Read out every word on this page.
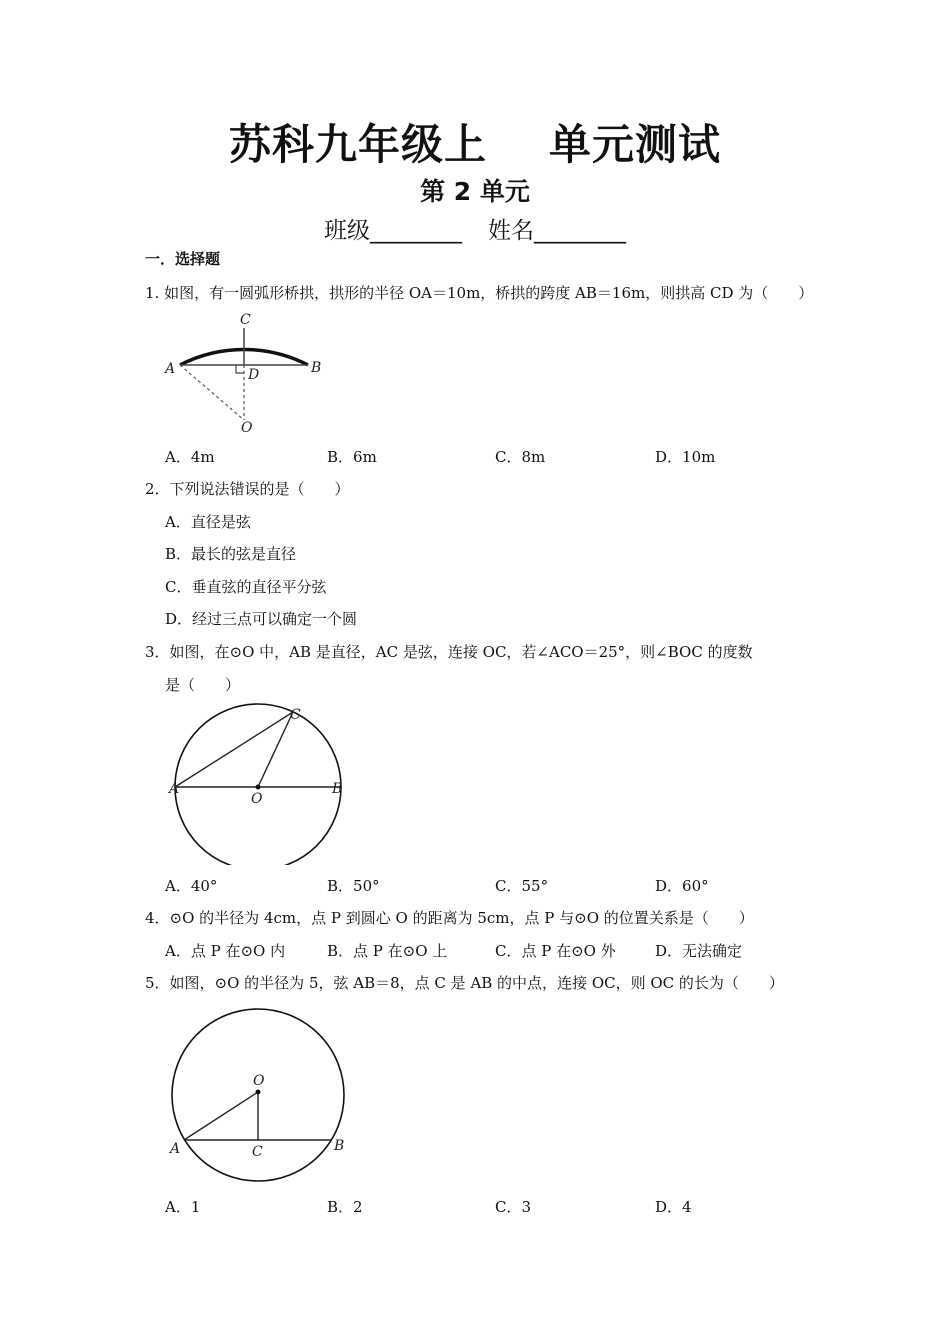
苏科九年级上 单元测试
第 2 单元
班级________ 姓名________
一．选择题
1. 如图，有一圆弧形桥拱，拱形的半径 OA＝10m，桥拱的跨度 AB＝16m，则拱高 CD 为（　　）
C
A	D	B
O
A．4m	B．6m	C．8m	D．10m
2．下列说法错误的是（　　）
A．直径是弦
B．最长的弦是直径
C．垂直弦的直径平分弦
D．经过三点可以确定一个圆
3．如图，在⊙O 中，AB 是直径，AC 是弦，连接 OC，若∠ACO＝25°，则∠BOC 的度数
是（　　）
C
A
O
B
A．40°	B．50°	C．55°	D．60°
4．⊙O 的半径为 4cm，点 P 到圆心 O 的距离为 5cm，点 P 与⊙O 的位置关系是（　　）
A．点 P 在⊙O 内	B．点 P 在⊙O 上	C．点 P 在⊙O 外	D．无法确定
5．如图，⊙O 的半径为 5，弦 AB＝8，点 C 是 AB 的中点，连接 OC，则 OC 的长为（　　）
O
A	C	B
A．1	B．2	C．3	D．4
